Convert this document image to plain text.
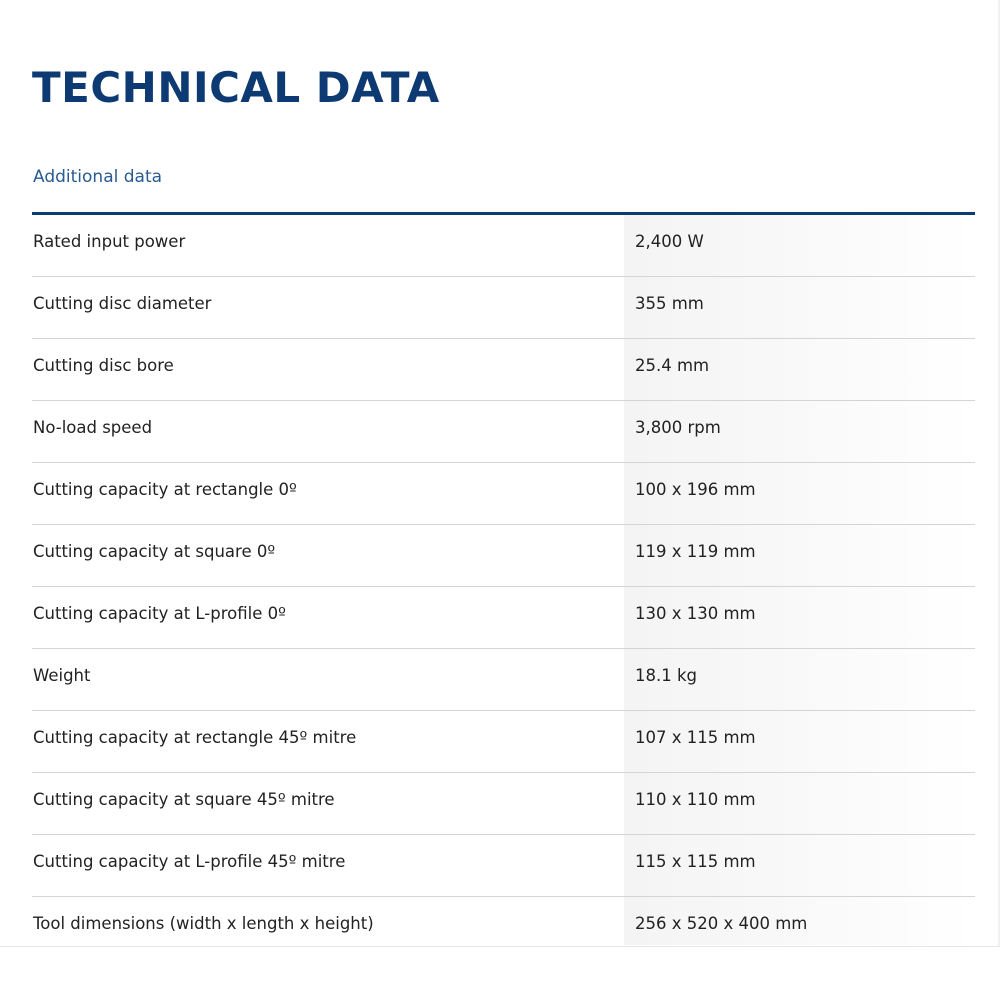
TECHNICAL DATA
Additional data
Rated input power	2,400 W
Cutting disc diameter	355 mm
Cutting disc bore	25.4 mm
No-load speed	3,800 rpm
Cutting capacity at rectangle 0º	100 x 196 mm
Cutting capacity at square 0º	119 x 119 mm
Cutting capacity at L-profile 0º	130 x 130 mm
Weight	18.1 kg
Cutting capacity at rectangle 45º mitre	107 x 115 mm
Cutting capacity at square 45º mitre	110 x 110 mm
Cutting capacity at L-profile 45º mitre	115 x 115 mm
Tool dimensions (width x length x height)	256 x 520 x 400 mm
